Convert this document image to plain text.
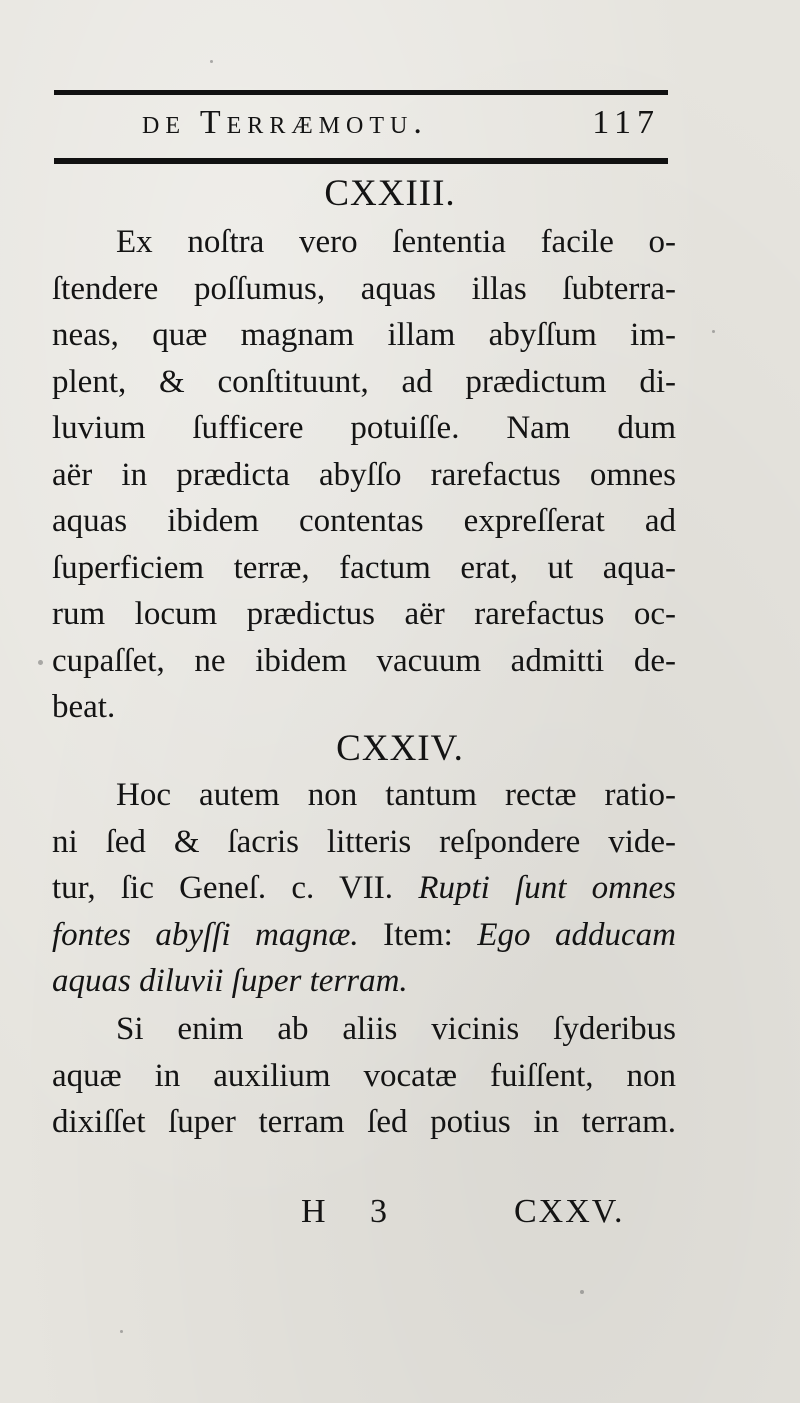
de Terræmotu.	117
CXXIII.
Ex noſtra vero ſententia facile o-
ſtendere poſſumus, aquas illas ſubterra-
neas, quæ magnam illam abyſſum im-
plent, & conſtituunt, ad prædictum di-
luvium ſufficere potuiſſe. Nam dum
aër in prædicta abyſſo rarefactus omnes
aquas ibidem contentas expreſſerat ad
ſuperficiem terræ, factum erat, ut aqua-
rum locum prædictus aër rarefactus oc-
cupaſſet, ne ibidem vacuum admitti de-
beat.
CXXIV.
Hoc autem non tantum rectæ ratio-
ni ſed & ſacris litteris reſpondere vide-
tur, ſic Geneſ. c. VII. Rupti ſunt omnes
fontes abyſſi magnæ. Item: Ego adducam
aquas diluvii ſuper terram.
Si enim ab aliis vicinis ſyderibus
aquæ in auxilium vocatæ fuiſſent, non
dixiſſet ſuper terram ſed potius in terram.
H 3	CXXV.
